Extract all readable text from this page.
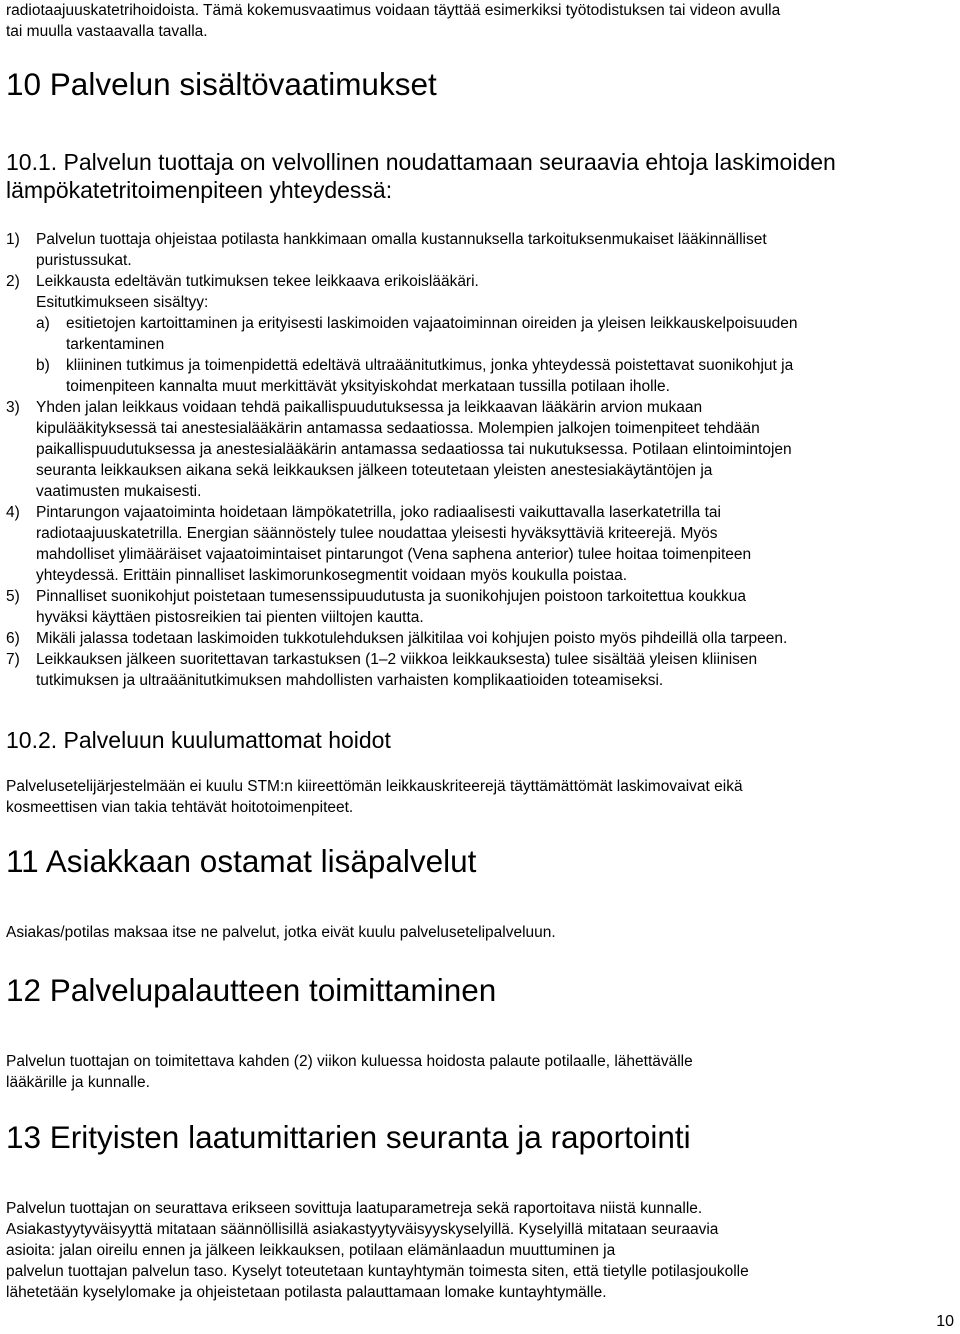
radiotaajuuskatetrihoidoista. Tämä kokemusvaatimus voidaan täyttää esimerkiksi työtodistuksen tai videon avulla

tai muulla vastaavalla tavalla.

10 Palvelun sisältövaatimukset

10.1. Palvelun tuottaja on velvollinen noudattamaan seuraavia ehtoja laskimoiden

lämpökatetritoimenpiteen yhteydessä:

1) Palvelun tuottaja ohjeistaa potilasta hankkimaan omalla kustannuksella tarkoituksenmukaiset lääkinnälliset

puristussukat.

2) Leikkausta edeltävän tutkimuksen tekee leikkaava erikoislääkäri.

Esitutkimukseen sisältyy:

a) esitietojen kartoittaminen ja erityisesti laskimoiden vajaatoiminnan oireiden ja yleisen leikkauskelpoisuuden

tarkentaminen

b) kliininen tutkimus ja toimenpidettä edeltävä ultraäänitutkimus, jonka yhteydessä poistettavat suonikohjut ja

toimenpiteen kannalta muut merkittävät yksityiskohdat merkataan tussilla potilaan iholle.

3) Yhden jalan leikkaus voidaan tehdä paikallispuudutuksessa ja leikkaavan lääkärin arvion mukaan

kipulääkityksessä tai anestesialääkärin antamassa sedaatiossa. Molempien jalkojen toimenpiteet tehdään

paikallispuudutuksessa ja anestesialääkärin antamassa sedaatiossa tai nukutuksessa. Potilaan elintoimintojen

seuranta leikkauksen aikana sekä leikkauksen jälkeen toteutetaan yleisten anestesiakäytäntöjen ja

vaatimusten mukaisesti.

4) Pintarungon vajaatoiminta hoidetaan lämpökatetrilla, joko radiaalisesti vaikuttavalla laserkatetrilla tai

radiotaajuuskatetrilla. Energian säännöstely tulee noudattaa yleisesti hyväksyttäviä kriteerejä. Myös

mahdolliset ylimääräiset vajaatoimintaiset pintarungot (Vena saphena anterior) tulee hoitaa toimenpiteen

yhteydessä. Erittäin pinnalliset laskimorunkosegmentit voidaan myös koukulla poistaa.

5) Pinnalliset suonikohjut poistetaan tumesenssipuudutusta ja suonikohjujen poistoon tarkoitettua koukkua

hyväksi käyttäen pistosreikien tai pienten viiltojen kautta.

6) Mikäli jalassa todetaan laskimoiden tukkotulehduksen jälkitilaa voi kohjujen poisto myös pihdeillä olla tarpeen.

7) Leikkauksen jälkeen suoritettavan tarkastuksen (1–2 viikkoa leikkauksesta) tulee sisältää yleisen kliinisen

tutkimuksen ja ultraäänitutkimuksen mahdollisten varhaisten komplikaatioiden toteamiseksi.

10.2. Palveluun kuulumattomat hoidot

Palvelusetelijärjestelmään ei kuulu STM:n kiireettömän leikkauskriteerejä täyttämättömät laskimovaivat eikä

kosmeettisen vian takia tehtävät hoitotoimenpiteet.

11 Asiakkaan ostamat lisäpalvelut

Asiakas/potilas maksaa itse ne palvelut, jotka eivät kuulu palvelusetelipalveluun.

12 Palvelupalautteen toimittaminen

Palvelun tuottajan on toimitettava kahden (2) viikon kuluessa hoidosta palaute potilaalle, lähettävälle

lääkärille ja kunnalle.

13 Erityisten laatumittarien seuranta ja raportointi

Palvelun tuottajan on seurattava erikseen sovittuja laatuparametreja sekä raportoitava niistä kunnalle.

Asiakastyytyväisyyttä mitataan säännöllisillä asiakastyytyväisyyskyselyillä. Kyselyillä mitataan seuraavia

asioita: jalan oireilu ennen ja jälkeen leikkauksen, potilaan elämänlaadun muuttuminen ja

palvelun tuottajan palvelun taso. Kyselyt toteutetaan kuntayhtymän toimesta siten, että tietylle potilasjoukolle

lähetetään kyselylomake ja ohjeistetaan potilasta palauttamaan lomake kuntayhtymälle.

10
